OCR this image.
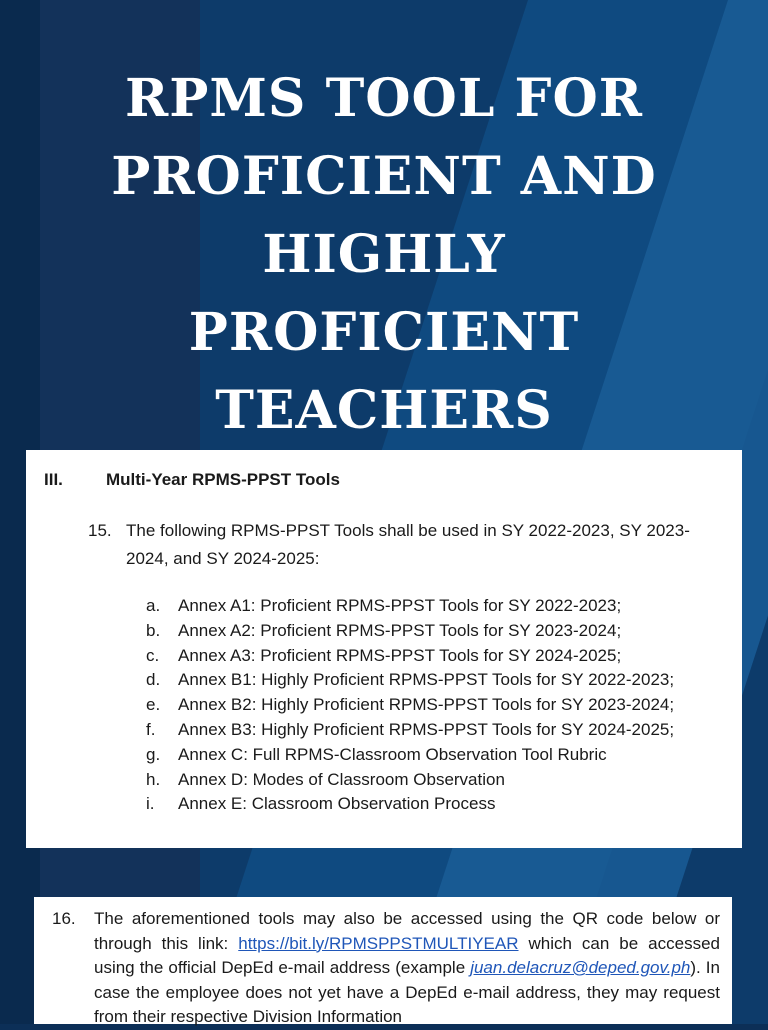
RPMS TOOL FOR
PROFICIENT AND
HIGHLY
PROFICIENT
TEACHERS
III.	Multi-Year RPMS-PPST Tools
15. The following RPMS-PPST Tools shall be used in SY 2022-2023, SY 2023-2024, and SY 2024-2025:
a. Annex A1: Proficient RPMS-PPST Tools for SY 2022-2023;
b. Annex A2: Proficient RPMS-PPST Tools for SY 2023-2024;
c. Annex A3: Proficient RPMS-PPST Tools for SY 2024-2025;
d. Annex B1: Highly Proficient RPMS-PPST Tools for SY 2022-2023;
e. Annex B2: Highly Proficient RPMS-PPST Tools for SY 2023-2024;
f. Annex B3: Highly Proficient RPMS-PPST Tools for SY 2024-2025;
g. Annex C: Full RPMS-Classroom Observation Tool Rubric
h. Annex D: Modes of Classroom Observation
i. Annex E: Classroom Observation Process
16. The aforementioned tools may also be accessed using the QR code below or through this link: https://bit.ly/RPMSPPSTMULTIYEAR which can be accessed using the official DepEd e-mail address (example juan.delacruz@deped.gov.ph). In case the employee does not yet have a DepEd e-mail address, they may request from their respective Division Information
